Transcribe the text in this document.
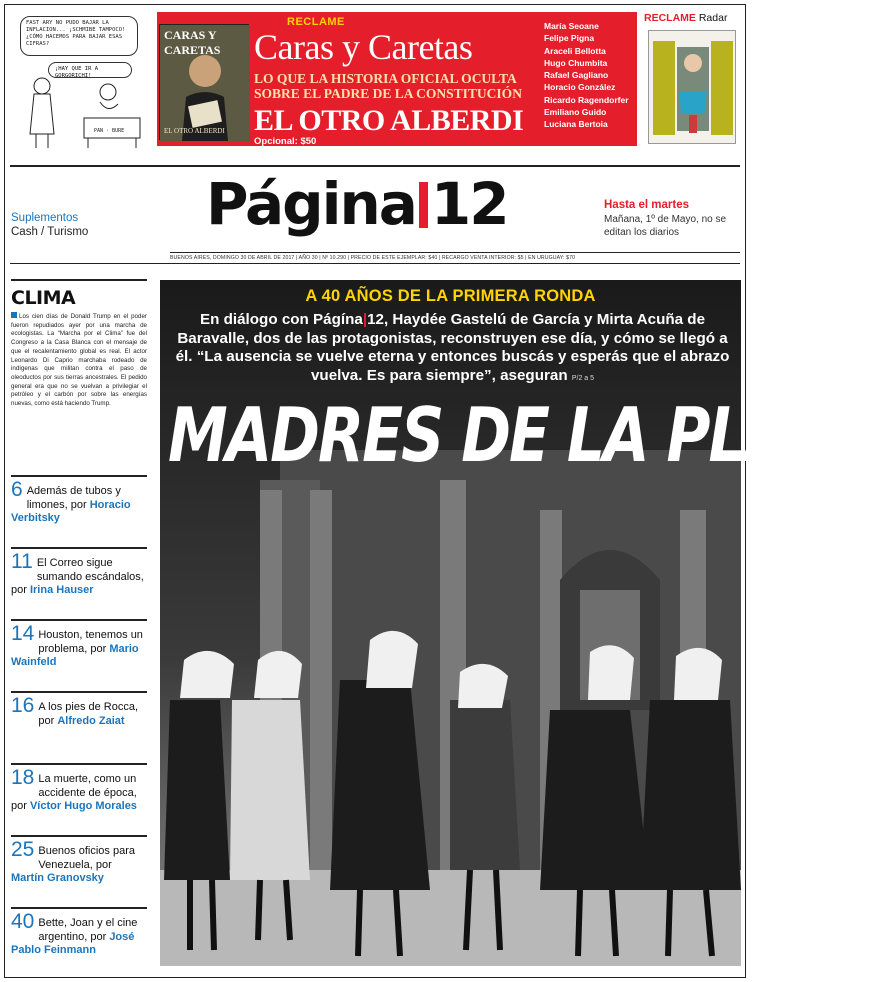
FAST ARY NO PUDO BAJAR LA INFLACION... ¡SCHMIBE TAMPOCO! ¿CÓMO HACEMOS PARA BAJAR ESAS CIFRAS?
¡HAY QUE IR A GORGORICHI!
PAN · BURE
CARAS Y CARETAS
EL OTRO ALBERDI
RECLAME
Caras y Caretas
LO QUE LA HISTORIA OFICIAL OCULTA SOBRE EL PADRE DE LA CONSTITUCIÓN
EL OTRO ALBERDI
Opcional: $50
María Seoane
Felipe Pigna
Araceli Bellotta
Hugo Chumbita
Rafael Gagliano
Horacio González
Ricardo Ragendorfer
Emiliano Guido
Luciana Bertoia
RECLAME Radar
Suplementos
Cash / Turismo Página 12	Hasta el martes
Mañana, 1º de Mayo, no se editan los diarios
BUENOS AIRES, DOMINGO 30 DE ABRIL DE 2017 | AÑO 30 | Nº 10.290 | PRECIO DE ESTE EJEMPLAR: $40 | RECARGO VENTA INTERIOR: $5 | EN URUGUAY: $70
CLIMA
Los cien días de Donald Trump en el poder fueron repudiados ayer por una marcha de ecologistas. La “Marcha por el Clima” fue del Congreso a la Casa Blanca con el mensaje de que el recalentamiento global es real. El actor Leonardo Di Caprio marchaba rodeado de indígenas que militan contra el paso de oleoductos por sus tierras ancestrales. El pedido general era que no se vuelvan a privilegiar el petróleo y el carbón por sobre las energías nuevas, como está haciendo Trump.
6 Además de tubos y limones, por Horacio Verbitsky
11 El Correo sigue sumando escándalos, por Irina Hauser
14 Houston, tenemos un problema, por Mario Wainfeld
16 A los pies de Rocca, por Alfredo Zaiat
18 La muerte, como un accidente de época, por Víctor Hugo Morales
25 Buenos oficios para Venezuela, por Martín Granovsky
40 Bette, Joan y el cine argentino, por José Pablo Feinmann
A 40 AÑOS DE LA PRIMERA RONDA
En diálogo con Págína|12, Haydée Gastelú de García y Mirta Acuña de Baravalle, dos de las protagonistas, reconstruyen ese día, y cómo se llegó a él. “La ausencia se vuelve eterna y entonces buscás y esperás que el abrazo vuelva. Es para siempre”, aseguran P/2 a 5
MADRES DE LA PLAZA
